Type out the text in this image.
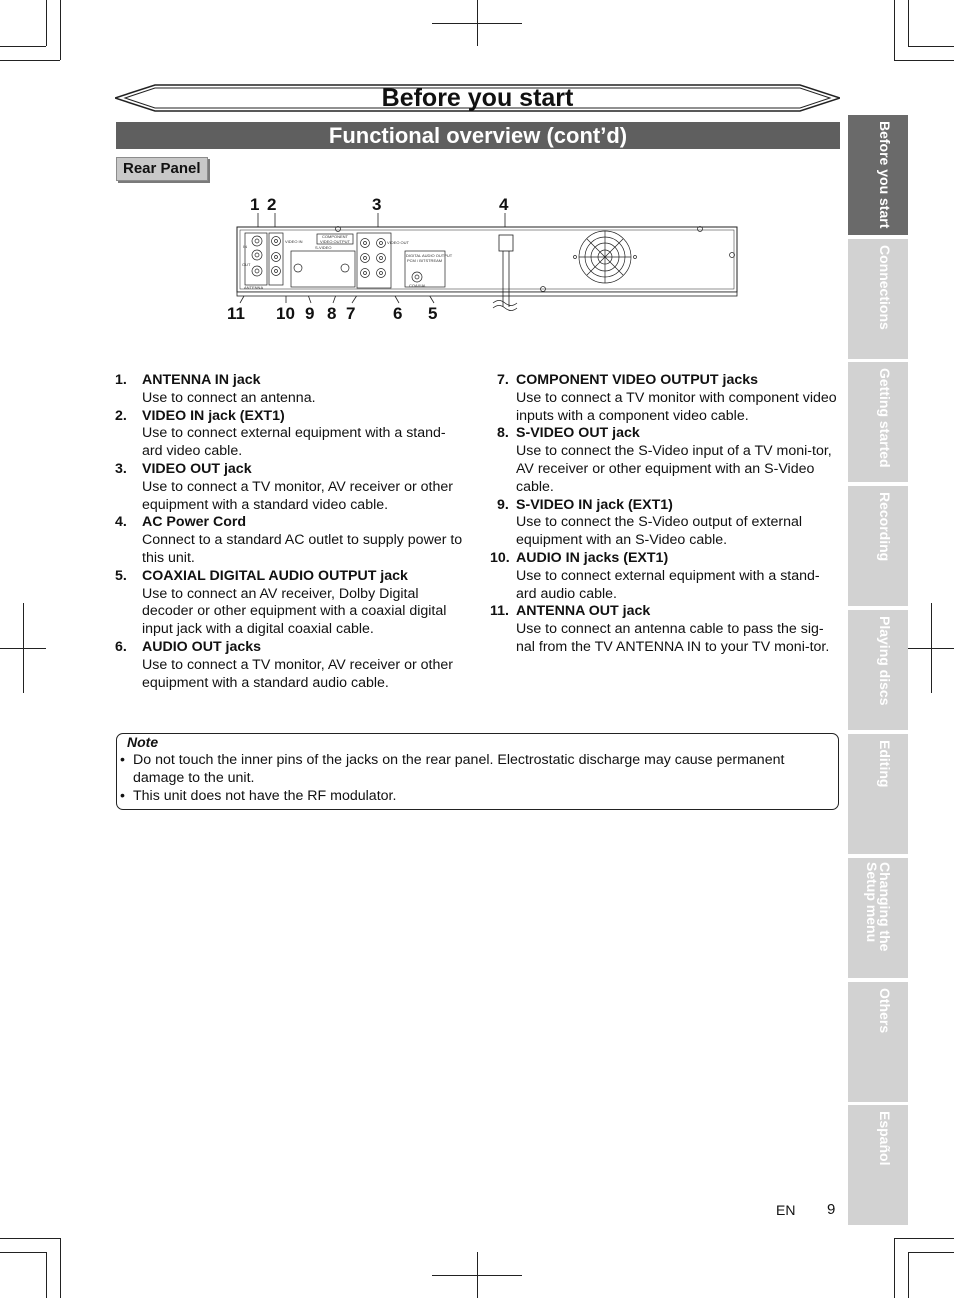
Before you start
Functional overview (cont’d)
Rear Panel
1 2	3	4
11 10 9 8 7 6 5
IN
OUT
ANTENNA
VIDEO IN
S-VIDEO
COMPONENT
VIDEO OUTPUT	VIDEO OUT
DIGITAL AUDIO OUTPUT
PCM / BITSTREAM
COAXIAL
1. ANTENNA IN jack
Use to connect an antenna.
2. VIDEO IN jack (EXT1)
Use to connect external equipment with a stand-ard video cable.
3. VIDEO OUT jack
Use to connect a TV monitor, AV receiver or other equipment with a standard video cable.
4. AC Power Cord
Connect to a standard AC outlet to supply power to this unit.
5. COAXIAL DIGITAL AUDIO OUTPUT jack
Use to connect an AV receiver, Dolby Digital decoder or other equipment with a coaxial digital input jack with a digital coaxial cable.
6. AUDIO OUT jacks
Use to connect a TV monitor, AV receiver or other equipment with a standard audio cable.
7. COMPONENT VIDEO OUTPUT jacks
Use to connect a TV monitor with component video inputs with a component video cable.
8. S-VIDEO OUT jack
Use to connect the S-Video input of a TV moni-tor, AV receiver or other equipment with an S-Video cable.
9. S-VIDEO IN jack (EXT1)
Use to connect the S-Video output of external equipment with an S-Video cable.
10. AUDIO IN jacks (EXT1)
Use to connect external equipment with a stand-ard audio cable.
11. ANTENNA OUT jack
Use to connect an antenna cable to pass the sig-nal from the TV ANTENNA IN to your TV moni-tor.
Note
• Do not touch the inner pins of the jacks on the rear panel. Electrostatic discharge may cause permanent damage to the unit.
• This unit does not have the RF modulator.
Before you start
Connections
Getting started
Recording
Playing discs
Editing
Changing the Setup menu
Others
Español
EN 9
